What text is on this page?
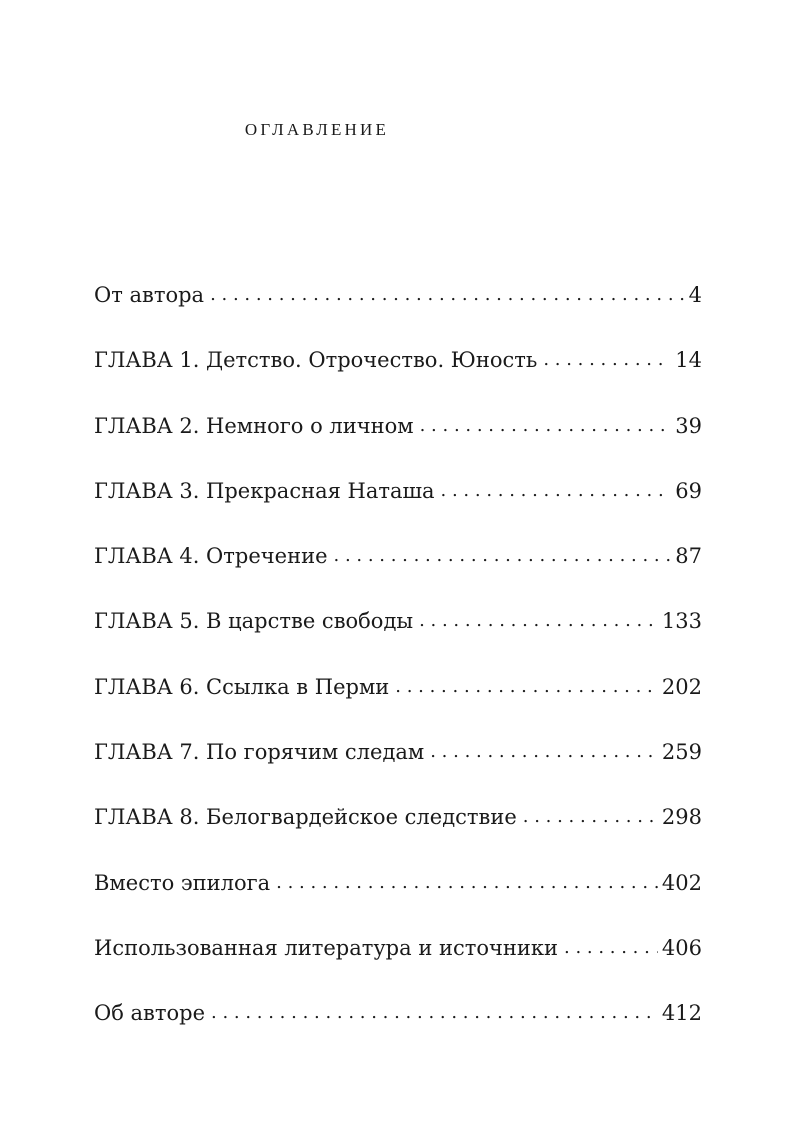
ОГЛАВЛЕНИЕ
От автора . . .	4
ГЛАВА 1. Детство. Отрочество. Юность . . .	14
ГЛАВА 2. Немного о личном . . .	39
ГЛАВА 3. Прекрасная Наташа . . .	69
ГЛАВА 4. Отречение . . .	87
ГЛАВА 5. В царстве свободы . . .	133
ГЛАВА 6. Ссылка в Перми . . .	202
ГЛАВА 7. По горячим следам . . .	259
ГЛАВА 8. Белогвардейское следствие . . .	298
Вместо эпилога . . .	402
Использованная литература и источники . . .	406
Об авторе . . .	412
